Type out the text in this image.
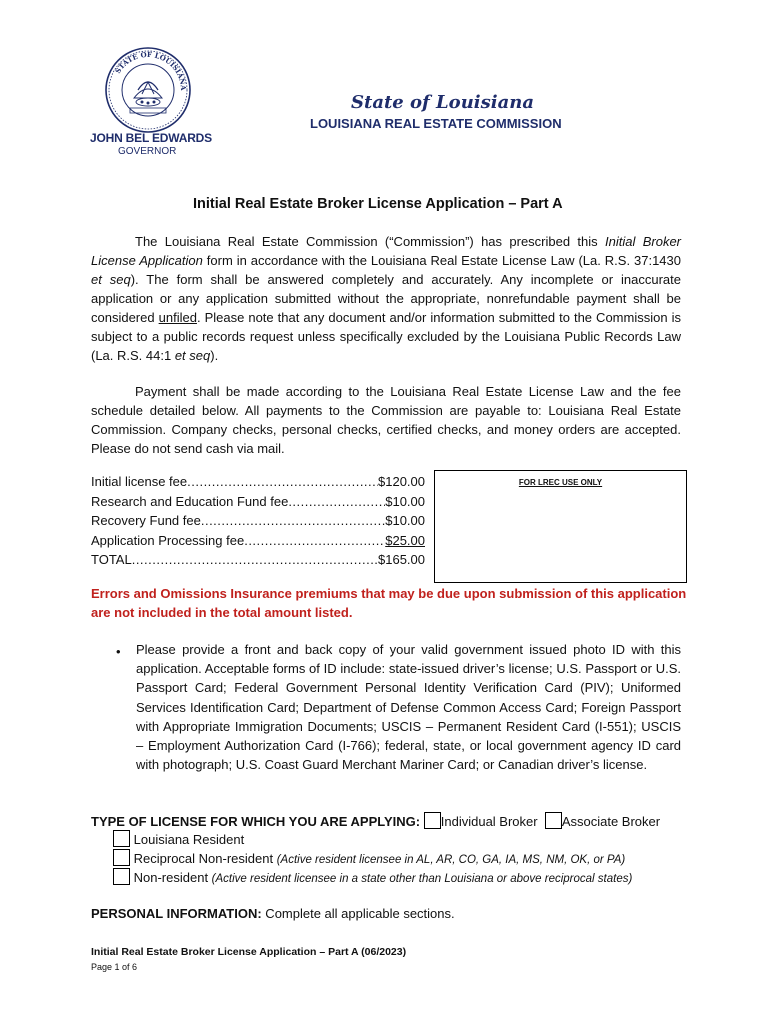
STATE OF LOUISIANA
JOHN BEL EDWARDS
GOVERNOR
State of Louisiana
LOUISIANA REAL ESTATE COMMISSION
Initial Real Estate Broker License Application – Part A
The Louisiana Real Estate Commission (“Commission”) has prescribed this Initial Broker License Application form in accordance with the Louisiana Real Estate License Law (La. R.S. 37:1430 et seq). The form shall be answered completely and accurately. Any incomplete or inaccurate application or any application submitted without the appropriate, nonrefundable payment shall be considered unfiled. Please note that any document and/or information submitted to the Commission is subject to a public records request unless specifically excluded by the Louisiana Public Records Law (La. R.S. 44:1 et seq).
Payment shall be made according to the Louisiana Real Estate License Law and the fee schedule detailed below. All payments to the Commission are payable to: Louisiana Real Estate Commission. Company checks, personal checks, certified checks, and money orders are accepted. Please do not send cash via mail.
Initial license fee .....	$120.00
Research and Education Fund fee .....	$10.00
Recovery Fund fee .....	$10.00
Application Processing fee .....	$25.00
TOTAL .....	$165.00
FOR LREC USE ONLY
Errors and Omissions Insurance premiums that may be due upon submission of this application are not included in the total amount listed.
• Please provide a front and back copy of your valid government issued photo ID with this application. Acceptable forms of ID include: state-issued driver’s license; U.S. Passport or U.S. Passport Card; Federal Government Personal Identity Verification Card (PIV); Uniformed Services Identification Card; Department of Defense Common Access Card; Foreign Passport with Appropriate Immigration Documents; USCIS – Permanent Resident Card (I-551); USCIS – Employment Authorization Card (I-766); federal, state, or local government agency ID card with photograph; U.S. Coast Guard Merchant Mariner Card; or Canadian driver’s license.
TYPE OF LICENSE FOR WHICH YOU ARE APPLYING: Individual Broker Associate Broker
Louisiana Resident
Reciprocal Non-resident (Active resident licensee in AL, AR, CO, GA, IA, MS, NM, OK, or PA)
Non-resident (Active resident licensee in a state other than Louisiana or above reciprocal states)
PERSONAL INFORMATION: Complete all applicable sections.
Initial Real Estate Broker License Application – Part A (06/2023)
Page 1 of 6
